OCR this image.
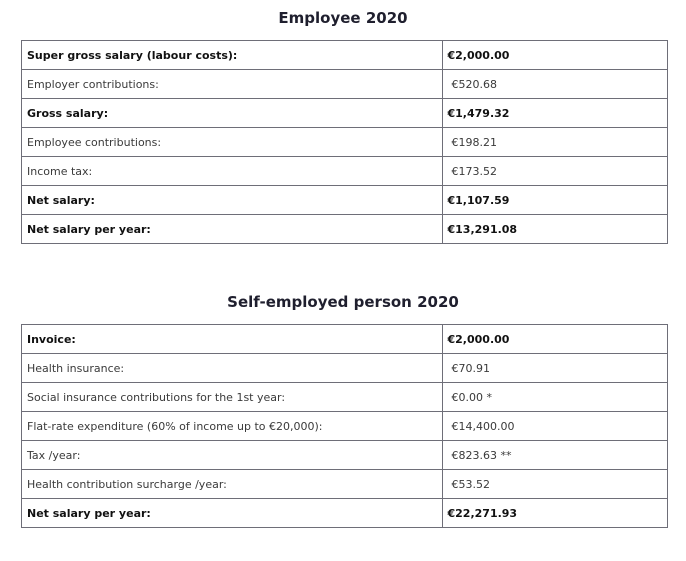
Employee 2020
Super gross salary (labour costs):	€2,000.00
Employer contributions:	€520.68
Gross salary:	€1,479.32
Employee contributions:	€198.21
Income tax:	€173.52
Net salary:	€1,107.59
Net salary per year:	€13,291.08
Self-employed person 2020
Invoice:	€2,000.00
Health insurance:	€70.91
Social insurance contributions for the 1st year:	€0.00 *
Flat-rate expenditure (60% of income up to €20,000):	€14,400.00
Tax /year:	€823.63 **
Health contribution surcharge /year:	€53.52
Net salary per year:	€22,271.93
